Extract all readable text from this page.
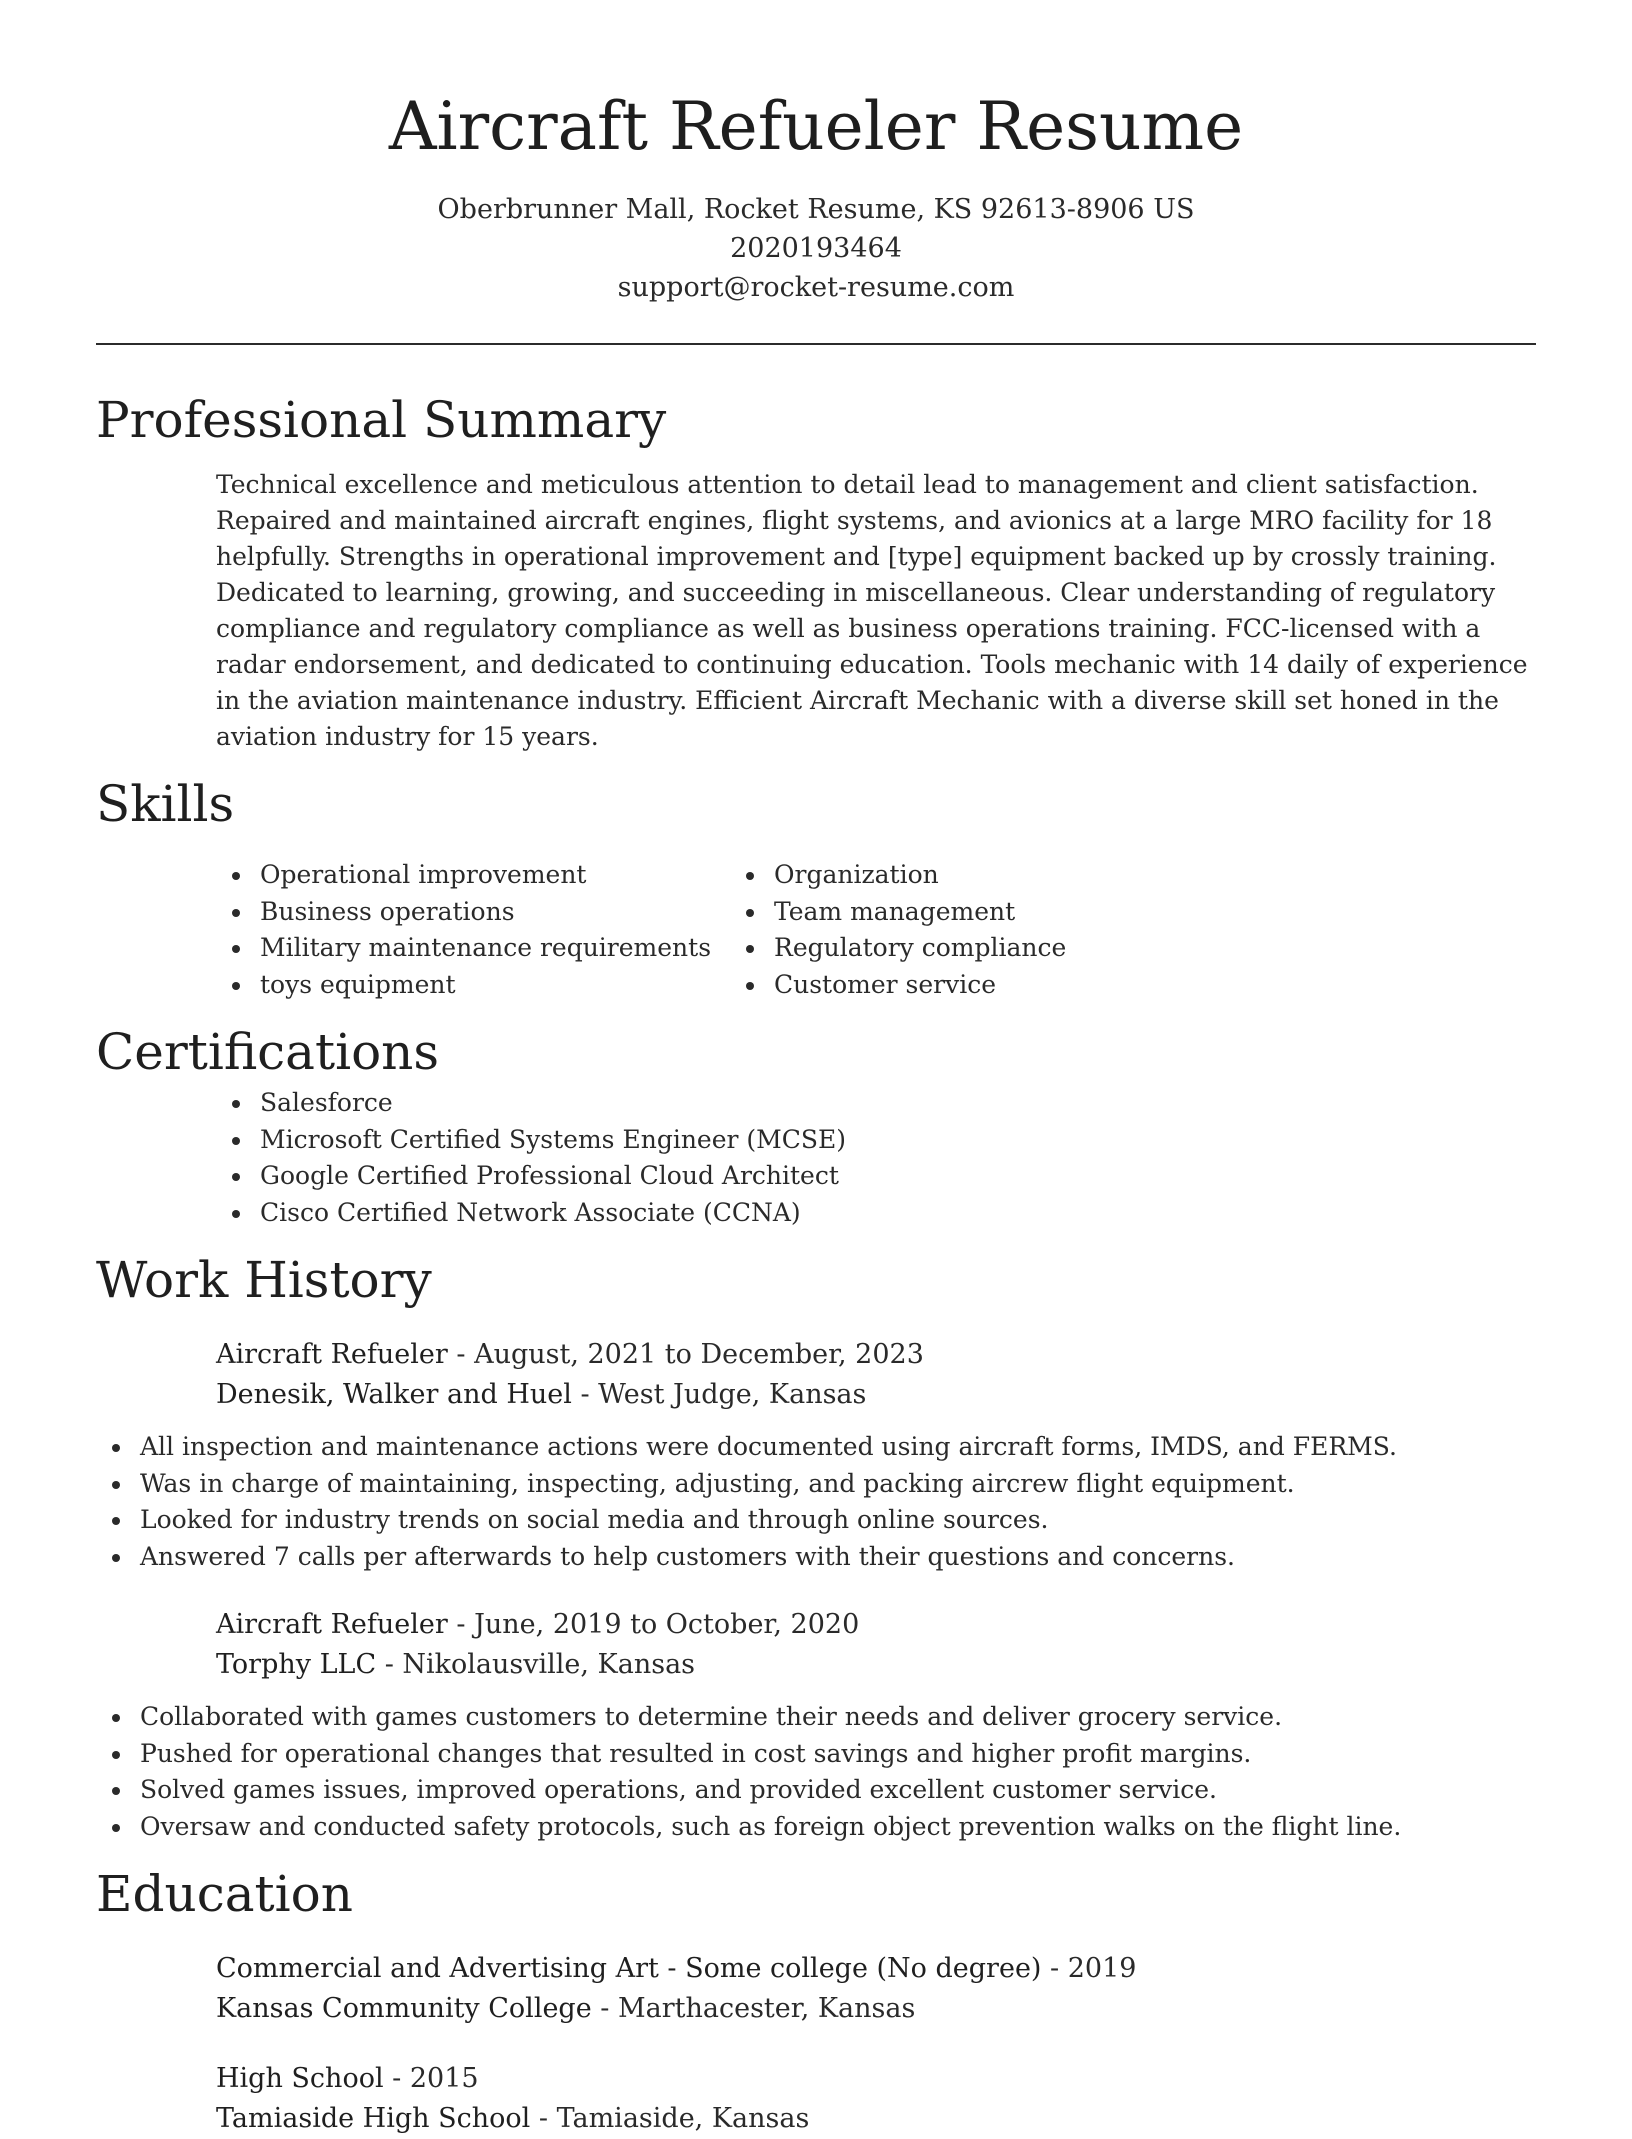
Aircraft Refueler Resume
Oberbrunner Mall, Rocket Resume, KS 92613-8906 US
2020193464
support@rocket-resume.com
Professional Summary

Technical excellence and meticulous attention to detail lead to management and client satisfaction. Repaired and maintained aircraft engines, flight systems, and avionics at a large MRO facility for 18 helpfully. Strengths in operational improvement and [type] equipment backed up by crossly training. Dedicated to learning, growing, and succeeding in miscellaneous. Clear understanding of regulatory compliance and regulatory compliance as well as business operations training. FCC-licensed with a radar endorsement, and dedicated to continuing education. Tools mechanic with 14 daily of experience in the aviation maintenance industry. Efficient Aircraft Mechanic with a diverse skill set honed in the aviation industry for 15 years.

Skills
Operational improvement
Business operations
Military maintenance requirements
toys equipment
Organization
Team management
Regulatory compliance
Customer service
Certifications
Salesforce
Microsoft Certified Systems Engineer (MCSE)
Google Certified Professional Cloud Architect
Cisco Certified Network Associate (CCNA)
Work History
Aircraft Refueler - August, 2021 to December, 2023
Denesik, Walker and Huel - West Judge, Kansas
All inspection and maintenance actions were documented using aircraft forms, IMDS, and FERMS.
Was in charge of maintaining, inspecting, adjusting, and packing aircrew flight equipment.
Looked for industry trends on social media and through online sources.
Answered 7 calls per afterwards to help customers with their questions and concerns.
Aircraft Refueler - June, 2019 to October, 2020
Torphy LLC - Nikolausville, Kansas
Collaborated with games customers to determine their needs and deliver grocery service.
Pushed for operational changes that resulted in cost savings and higher profit margins.
Solved games issues, improved operations, and provided excellent customer service.
Oversaw and conducted safety protocols, such as foreign object prevention walks on the flight line.
Education
Commercial and Advertising Art - Some college (No degree) - 2019
Kansas Community College - Marthacester, Kansas
High School - 2015
Tamiaside High School - Tamiaside, Kansas
